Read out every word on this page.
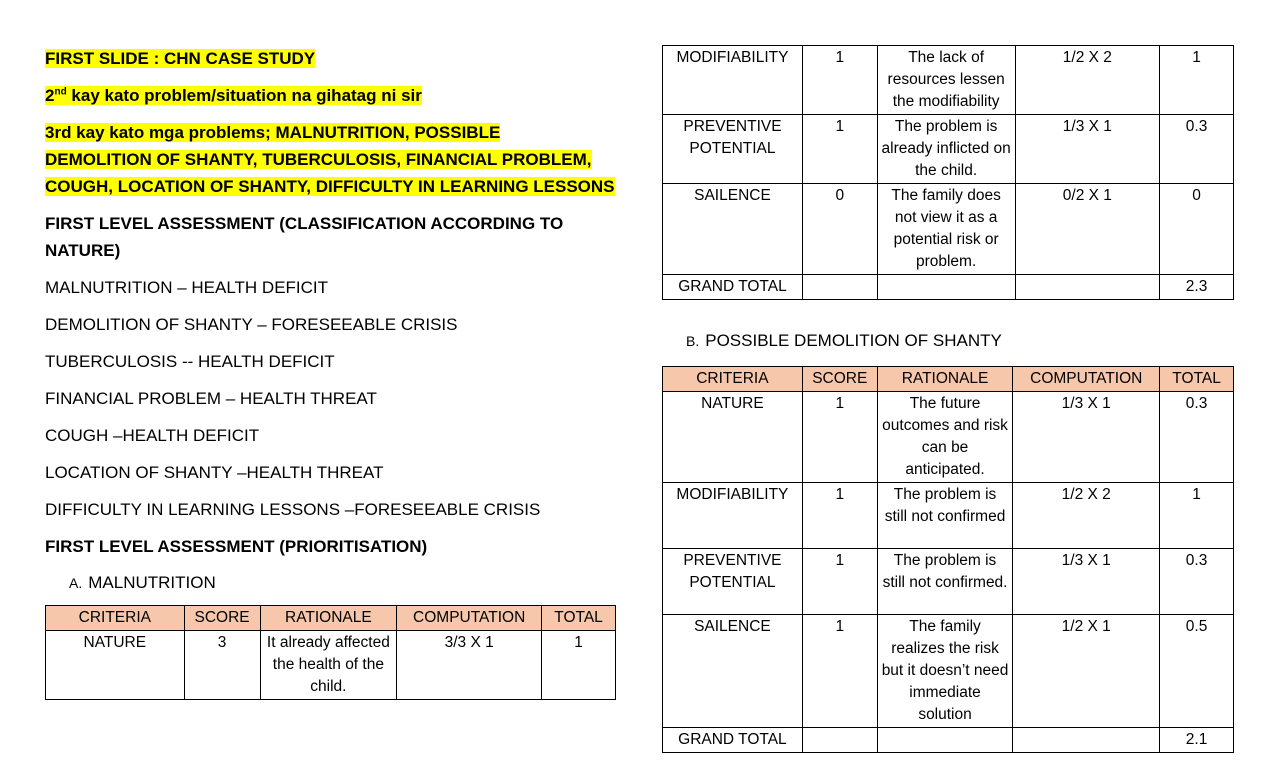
FIRST SLIDE : CHN CASE STUDY

2nd kay kato problem/situation na gihatag ni sir

3rd kay kato mga problems; MALNUTRITION, POSSIBLE

DEMOLITION OF SHANTY, TUBERCULOSIS, FINANCIAL PROBLEM,

COUGH, LOCATION OF SHANTY, DIFFICULTY IN LEARNING LESSONS

FIRST LEVEL ASSESSMENT (CLASSIFICATION ACCORDING TO

NATURE)

MALNUTRITION – HEALTH DEFICIT

DEMOLITION OF SHANTY – FORESEEABLE CRISIS

TUBERCULOSIS -- HEALTH DEFICIT

FINANCIAL PROBLEM – HEALTH THREAT

COUGH –HEALTH DEFICIT

LOCATION OF SHANTY –HEALTH THREAT

DIFFICULTY IN LEARNING LESSONS –FORESEEABLE CRISIS

FIRST LEVEL ASSESSMENT (PRIORITISATION)

A. MALNUTRITION

CRITERIA	SCORE	RATIONALE	COMPUTATION	TOTAL
NATURE	3	It already affected the health of the child.	3/3 X 1	1
MODIFIABILITY	1	The lack of resources lessen the modifiability	1/2 X 2	1
PREVENTIVE POTENTIAL	1	The problem is already inflicted on the child.	1/3 X 1	0.3
SAILENCE	0	The family does not view it as a potential risk or problem.	0/2 X 1	0
GRAND TOTAL				2.3

B. POSSIBLE DEMOLITION OF SHANTY

CRITERIA	SCORE	RATIONALE	COMPUTATION	TOTAL
NATURE	1	The future outcomes and risk can be anticipated.	1/3 X 1	0.3
MODIFIABILITY	1	The problem is still not confirmed	1/2 X 2	1
PREVENTIVE POTENTIAL	1	The problem is still not confirmed.	1/3 X 1	0.3
SAILENCE	1	The family realizes the risk but it doesn’t need immediate solution	1/2 X 1	0.5
GRAND TOTAL				2.1
